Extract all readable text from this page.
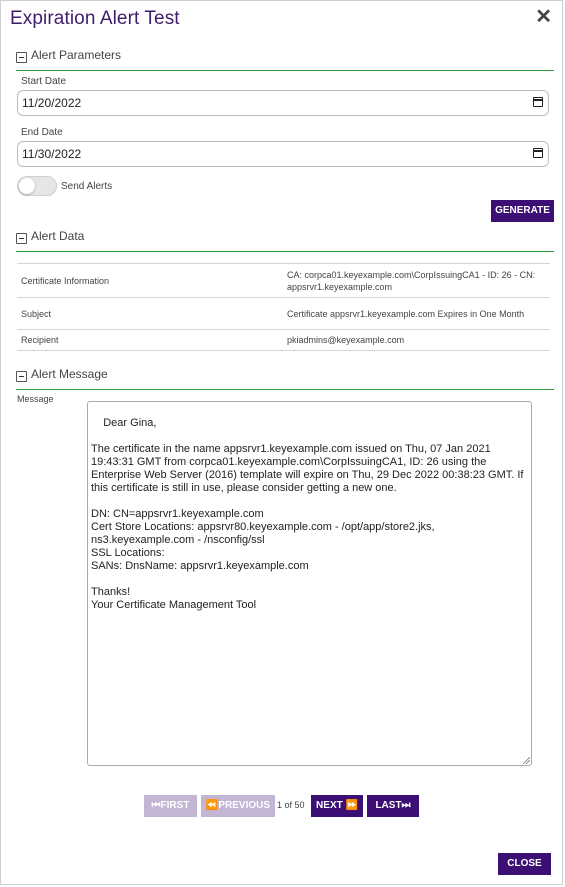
Expiration Alert Test	✕
Alert Parameters
Start Date
11/20/2022
End Date
11/30/2022
Send Alerts
GENERATE
Alert Data
Certificate Information	CA: corpca01.keyexample.com\CorpIssuingCA1 - ID: 26 - CN: appsrvr1.keyexample.com
Subject	Certificate appsrvr1.keyexample.com Expires in One Month
Recipient	pkiadmins@keyexample.com
Alert Message
Message

Dear Gina,

The certificate in the name appsrvr1.keyexample.com issued on Thu, 07 Jan 2021 19:43:31 GMT from corpca01.keyexample.com\CorpIssuingCA1, ID: 26 using the Enterprise Web Server (2016) template will expire on Thu, 29 Dec 2022 00:38:23 GMT. If this certificate is still in use, please consider getting a new one.

DN: CN=appsrvr1.keyexample.com
Cert Store Locations: appsrvr80.keyexample.com - /opt/app/store2.jks, ns3.keyexample.com - /nsconfig/ssl
SSL Locations:
SANs: DnsName: appsrvr1.keyexample.com

Thanks!
Your Certificate Management Tool

⏮FIRST	⏪PREVIOUS 1 of 50	NEXT ⏩	LAST⏭
CLOSE
